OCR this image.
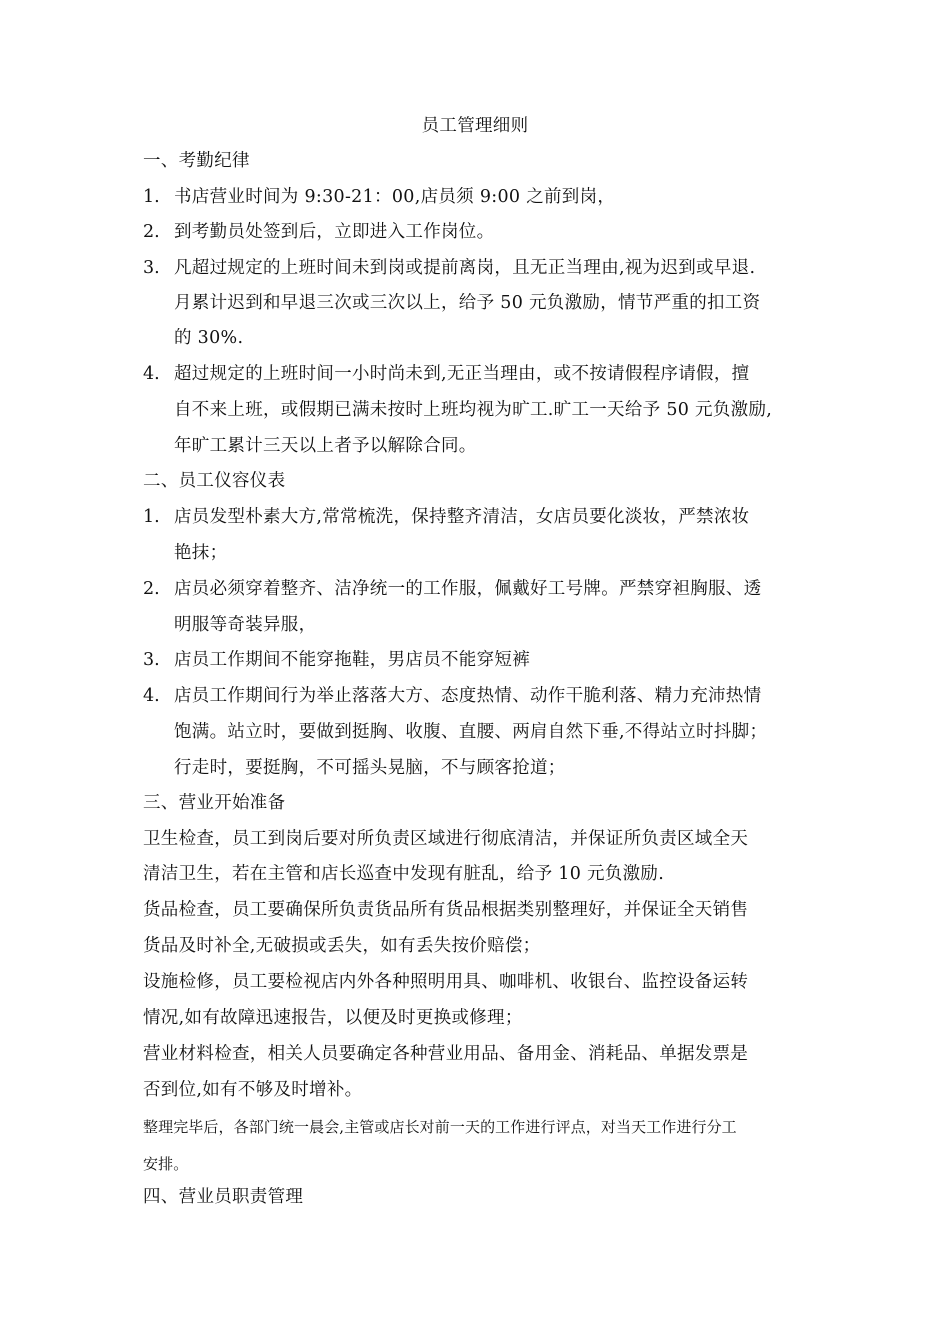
员工管理细则
一、考勤纪律
1. 书店营业时间为 9:30-21：00,店员须 9:00 之前到岗，
2. 到考勤员处签到后，立即进入工作岗位。
3. 凡超过规定的上班时间未到岗或提前离岗，且无正当理由,视为迟到或早退.
月累计迟到和早退三次或三次以上，给予 50 元负激励，情节严重的扣工资
的 30%.
4. 超过规定的上班时间一小时尚未到,无正当理由，或不按请假程序请假，擅
自不来上班，或假期已满未按时上班均视为旷工.旷工一天给予 50 元负激励,
年旷工累计三天以上者予以解除合同。
二、员工仪容仪表
1. 店员发型朴素大方,常常梳洗，保持整齐清洁，女店员要化淡妆，严禁浓妆
艳抹；
2. 店员必须穿着整齐、洁净统一的工作服，佩戴好工号牌。严禁穿袒胸服、透
明服等奇装异服，
3. 店员工作期间不能穿拖鞋，男店员不能穿短裤
4. 店员工作期间行为举止落落大方、态度热情、动作干脆利落、精力充沛热情
饱满。站立时，要做到挺胸、收腹、直腰、两肩自然下垂,不得站立时抖脚；
行走时，要挺胸，不可摇头晃脑，不与顾客抢道；
三、营业开始准备
卫生检查，员工到岗后要对所负责区域进行彻底清洁，并保证所负责区域全天
清洁卫生，若在主管和店长巡查中发现有脏乱，给予 10 元负激励.
货品检查，员工要确保所负责货品所有货品根据类别整理好，并保证全天销售
货品及时补全,无破损或丢失，如有丢失按价赔偿；
设施检修，员工要检视店内外各种照明用具、咖啡机、收银台、监控设备运转
情况,如有故障迅速报告，以便及时更换或修理；
营业材料检查，相关人员要确定各种营业用品、备用金、消耗品、单据发票是
否到位,如有不够及时增补。
整理完毕后，各部门统一晨会,主管或店长对前一天的工作进行评点，对当天工作进行分工
安排。
四、营业员职责管理
